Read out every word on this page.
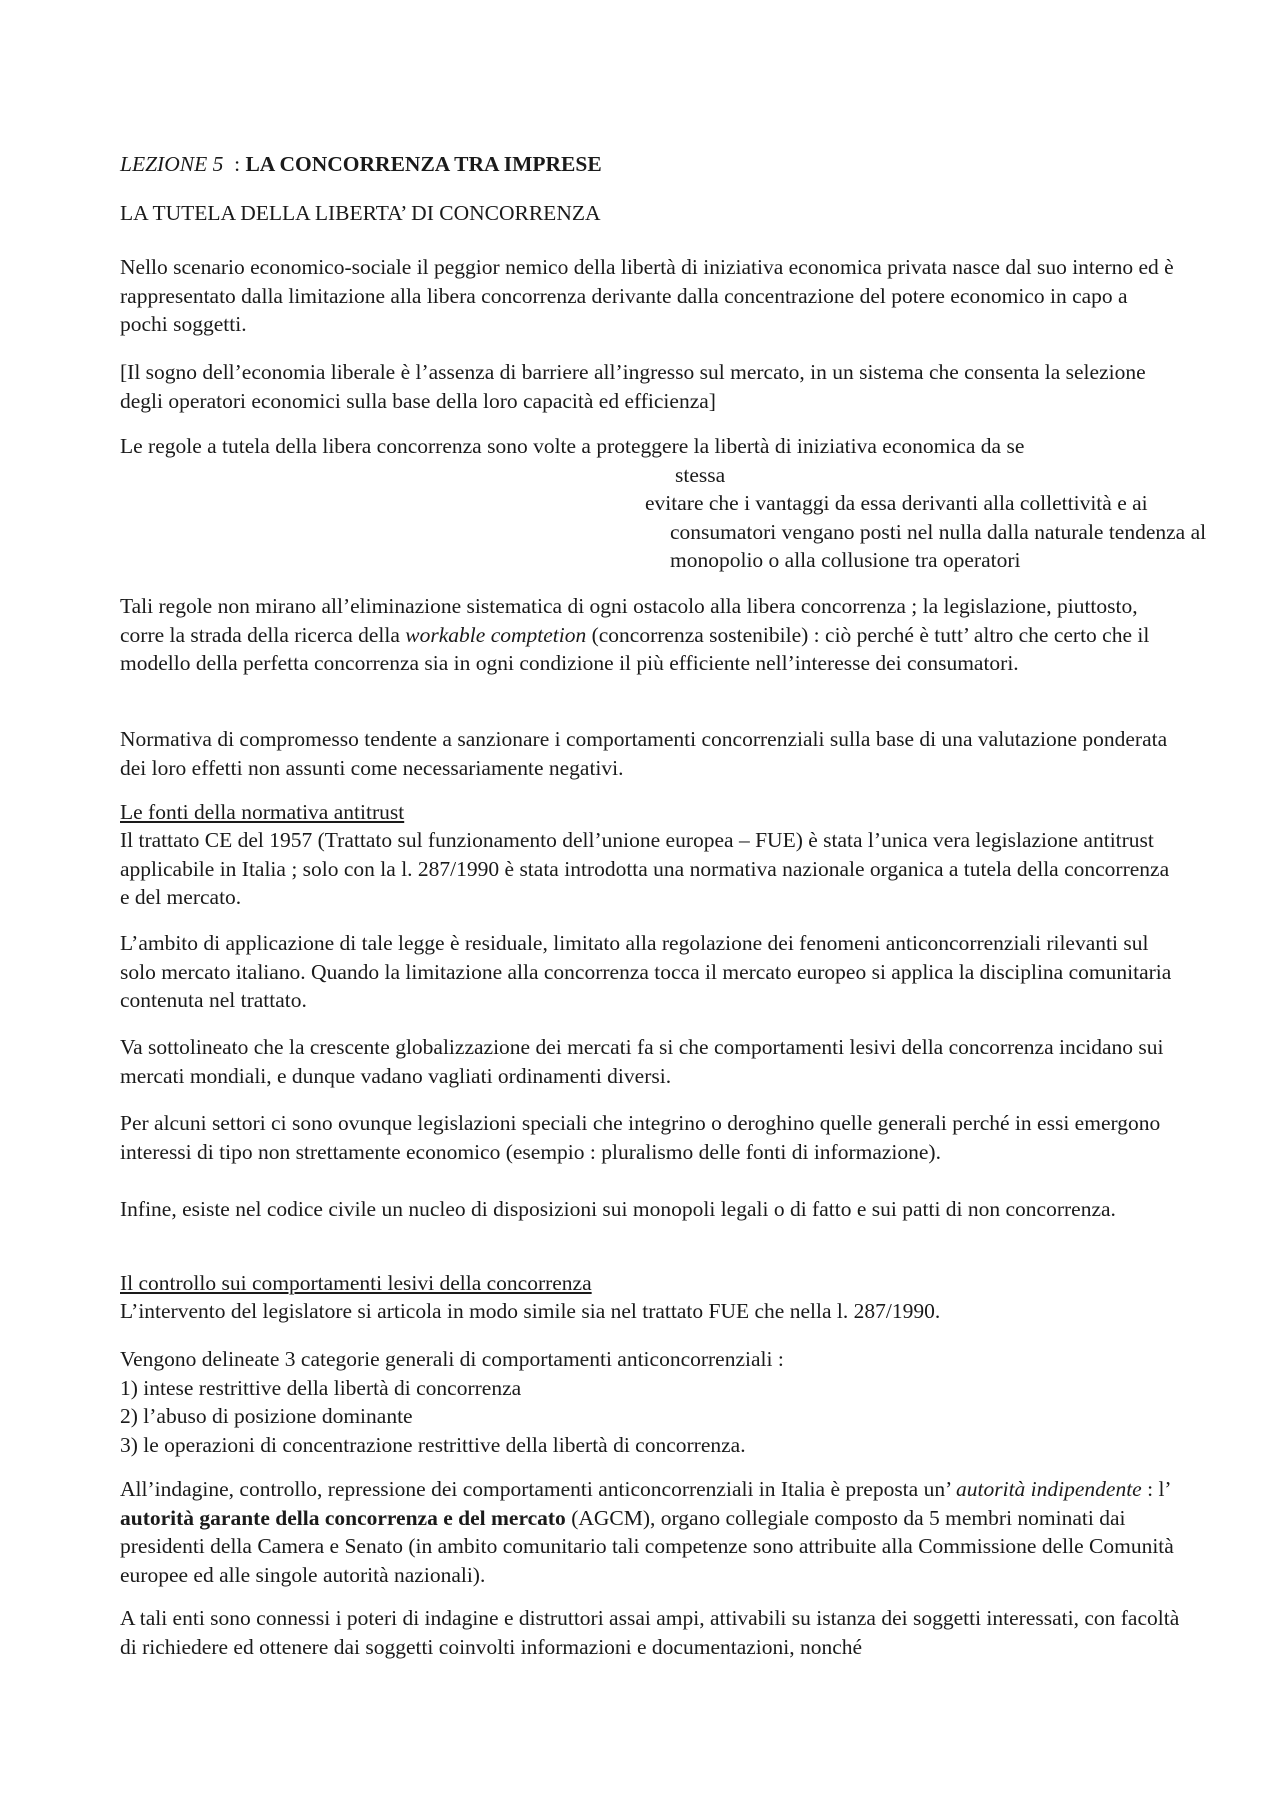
LEZIONE 5  : LA CONCORRENZA TRA IMPRESE

LA TUTELA DELLA LIBERTA’ DI CONCORRENZA

Nello scenario economico-sociale il peggior nemico della libertà di iniziativa economica privata nasce dal suo interno ed è rappresentato dalla limitazione alla libera concorrenza derivante dalla concentrazione del potere economico in capo a pochi soggetti.

[Il sogno dell’economia liberale è l’assenza di barriere all’ingresso sul mercato, in un sistema che consenta la selezione degli operatori economici sulla base della loro capacità ed efficienza]

Le regole a tutela della libera concorrenza sono volte a proteggere la libertà di iniziativa economica da se
stessa
evitare che i vantaggi da essa derivanti alla collettività e ai
consumatori vengano posti nel nulla dalla naturale tendenza al
monopolio o alla collusione tra operatori

Tali regole non mirano all’eliminazione sistematica di ogni ostacolo alla libera concorrenza ; la legislazione, piuttosto, corre la strada della ricerca della workable comptetion (concorrenza sostenibile) : ciò perché è tutt’ altro che certo che il modello della perfetta concorrenza sia in ogni condizione il più efficiente nell’interesse dei consumatori.

Normativa di compromesso tendente a sanzionare i comportamenti concorrenziali sulla base di una valutazione ponderata dei loro effetti non assunti come necessariamente negativi.

Le fonti della normativa antitrust

Il trattato CE del 1957 (Trattato sul funzionamento dell’unione europea – FUE) è stata l’unica vera legislazione antitrust applicabile in Italia ; solo con la l. 287/1990 è stata introdotta una normativa nazionale organica a tutela della concorrenza e del mercato.

L’ambito di applicazione di tale legge è residuale, limitato alla regolazione dei fenomeni anticoncorrenziali rilevanti sul solo mercato italiano. Quando la limitazione alla concorrenza tocca il mercato europeo si applica la disciplina comunitaria contenuta nel trattato.

Va sottolineato che la crescente globalizzazione dei mercati fa si che comportamenti lesivi della concorrenza incidano sui mercati mondiali, e dunque vadano vagliati ordinamenti diversi.

Per alcuni settori ci sono ovunque legislazioni speciali che integrino o deroghino quelle generali perché in essi emergono interessi di tipo non strettamente economico (esempio : pluralismo delle fonti di informazione).

Infine, esiste nel codice civile un nucleo di disposizioni sui monopoli legali o di fatto e sui patti di non concorrenza.

Il controllo sui comportamenti lesivi della concorrenza

L’intervento del legislatore si articola in modo simile sia nel trattato FUE che nella l. 287/1990.

Vengono delineate 3 categorie generali di comportamenti anticoncorrenziali :
1) intese restrittive della libertà di concorrenza
2) l’abuso di posizione dominante
3) le operazioni di concentrazione restrittive della libertà di concorrenza.

All’indagine, controllo, repressione dei comportamenti anticoncorrenziali in Italia è preposta un’ autorità indipendente : l’ autorità garante della concorrenza e del mercato (AGCM), organo collegiale composto da 5 membri nominati dai presidenti della Camera e Senato (in ambito comunitario tali competenze sono attribuite alla Commissione delle Comunità europee ed alle singole autorità nazionali).

A tali enti sono connessi i poteri di indagine e distruttori assai ampi, attivabili su istanza dei soggetti interessati, con facoltà di richiedere ed ottenere dai soggetti coinvolti informazioni e documentazioni, nonché
